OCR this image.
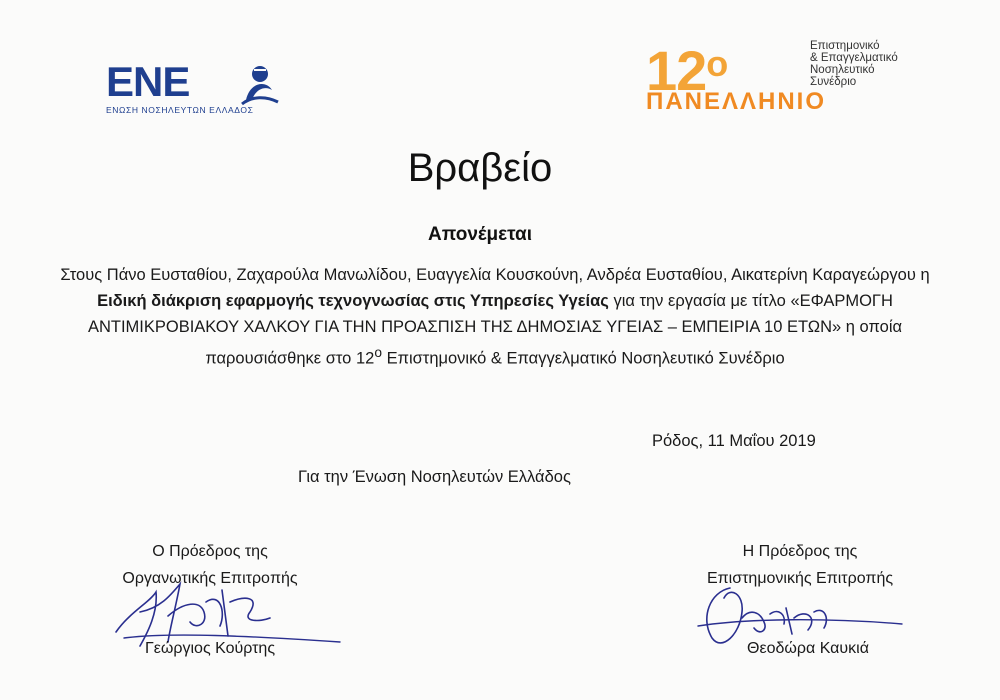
ENE
ΕΝΩΣΗ ΝΟΣΗΛΕΥΤΩΝ ΕΛΛΑΔΟΣ
$12^o$	Επιστημονικό
& Επαγγελματικό
Νοσηλευτικό
Συνέδριο
ΠΑΝΕΛΛΗΝΙΟ
Βραβείο
Απονέμεται
Στους Πάνο Ευσταθίου, Ζαχαρούλα Μανωλίδου, Ευαγγελία Κουσκούνη, Ανδρέα Ευσταθίου, Αικατερίνη Καραγεώργου η Ειδική διάκριση εφαρμογής τεχνογνωσίας στις Υπηρεσίες Υγείας για την εργασία με τίτλο «ΕΦΑΡΜΟΓΗ ΑΝΤΙΜΙΚΡΟΒΙΑΚΟΥ ΧΑΛΚΟΥ ΓΙΑ ΤΗΝ ΠΡΟΑΣΠΙΣΗ ΤΗΣ ΔΗΜΟΣΙΑΣ ΥΓΕΙΑΣ – ΕΜΠΕΙΡΙΑ 10 ΕΤΩΝ» η οποία παρουσιάσθηκε στο $12^o$ Επιστημονικό & Επαγγελματικό Νοσηλευτικό Συνέδριο
Ρόδος, 11 Μαΐου 2019
Για την Ένωση Νοσηλευτών Ελλάδος
Ο Πρόεδρος της
Οργανωτικής Επιτρoπής
Γεώργιος Κούρτης
Η Πρόεδρος της
Επιστημονικής Επιτροπής
Θεοδώρα Καυκιά
